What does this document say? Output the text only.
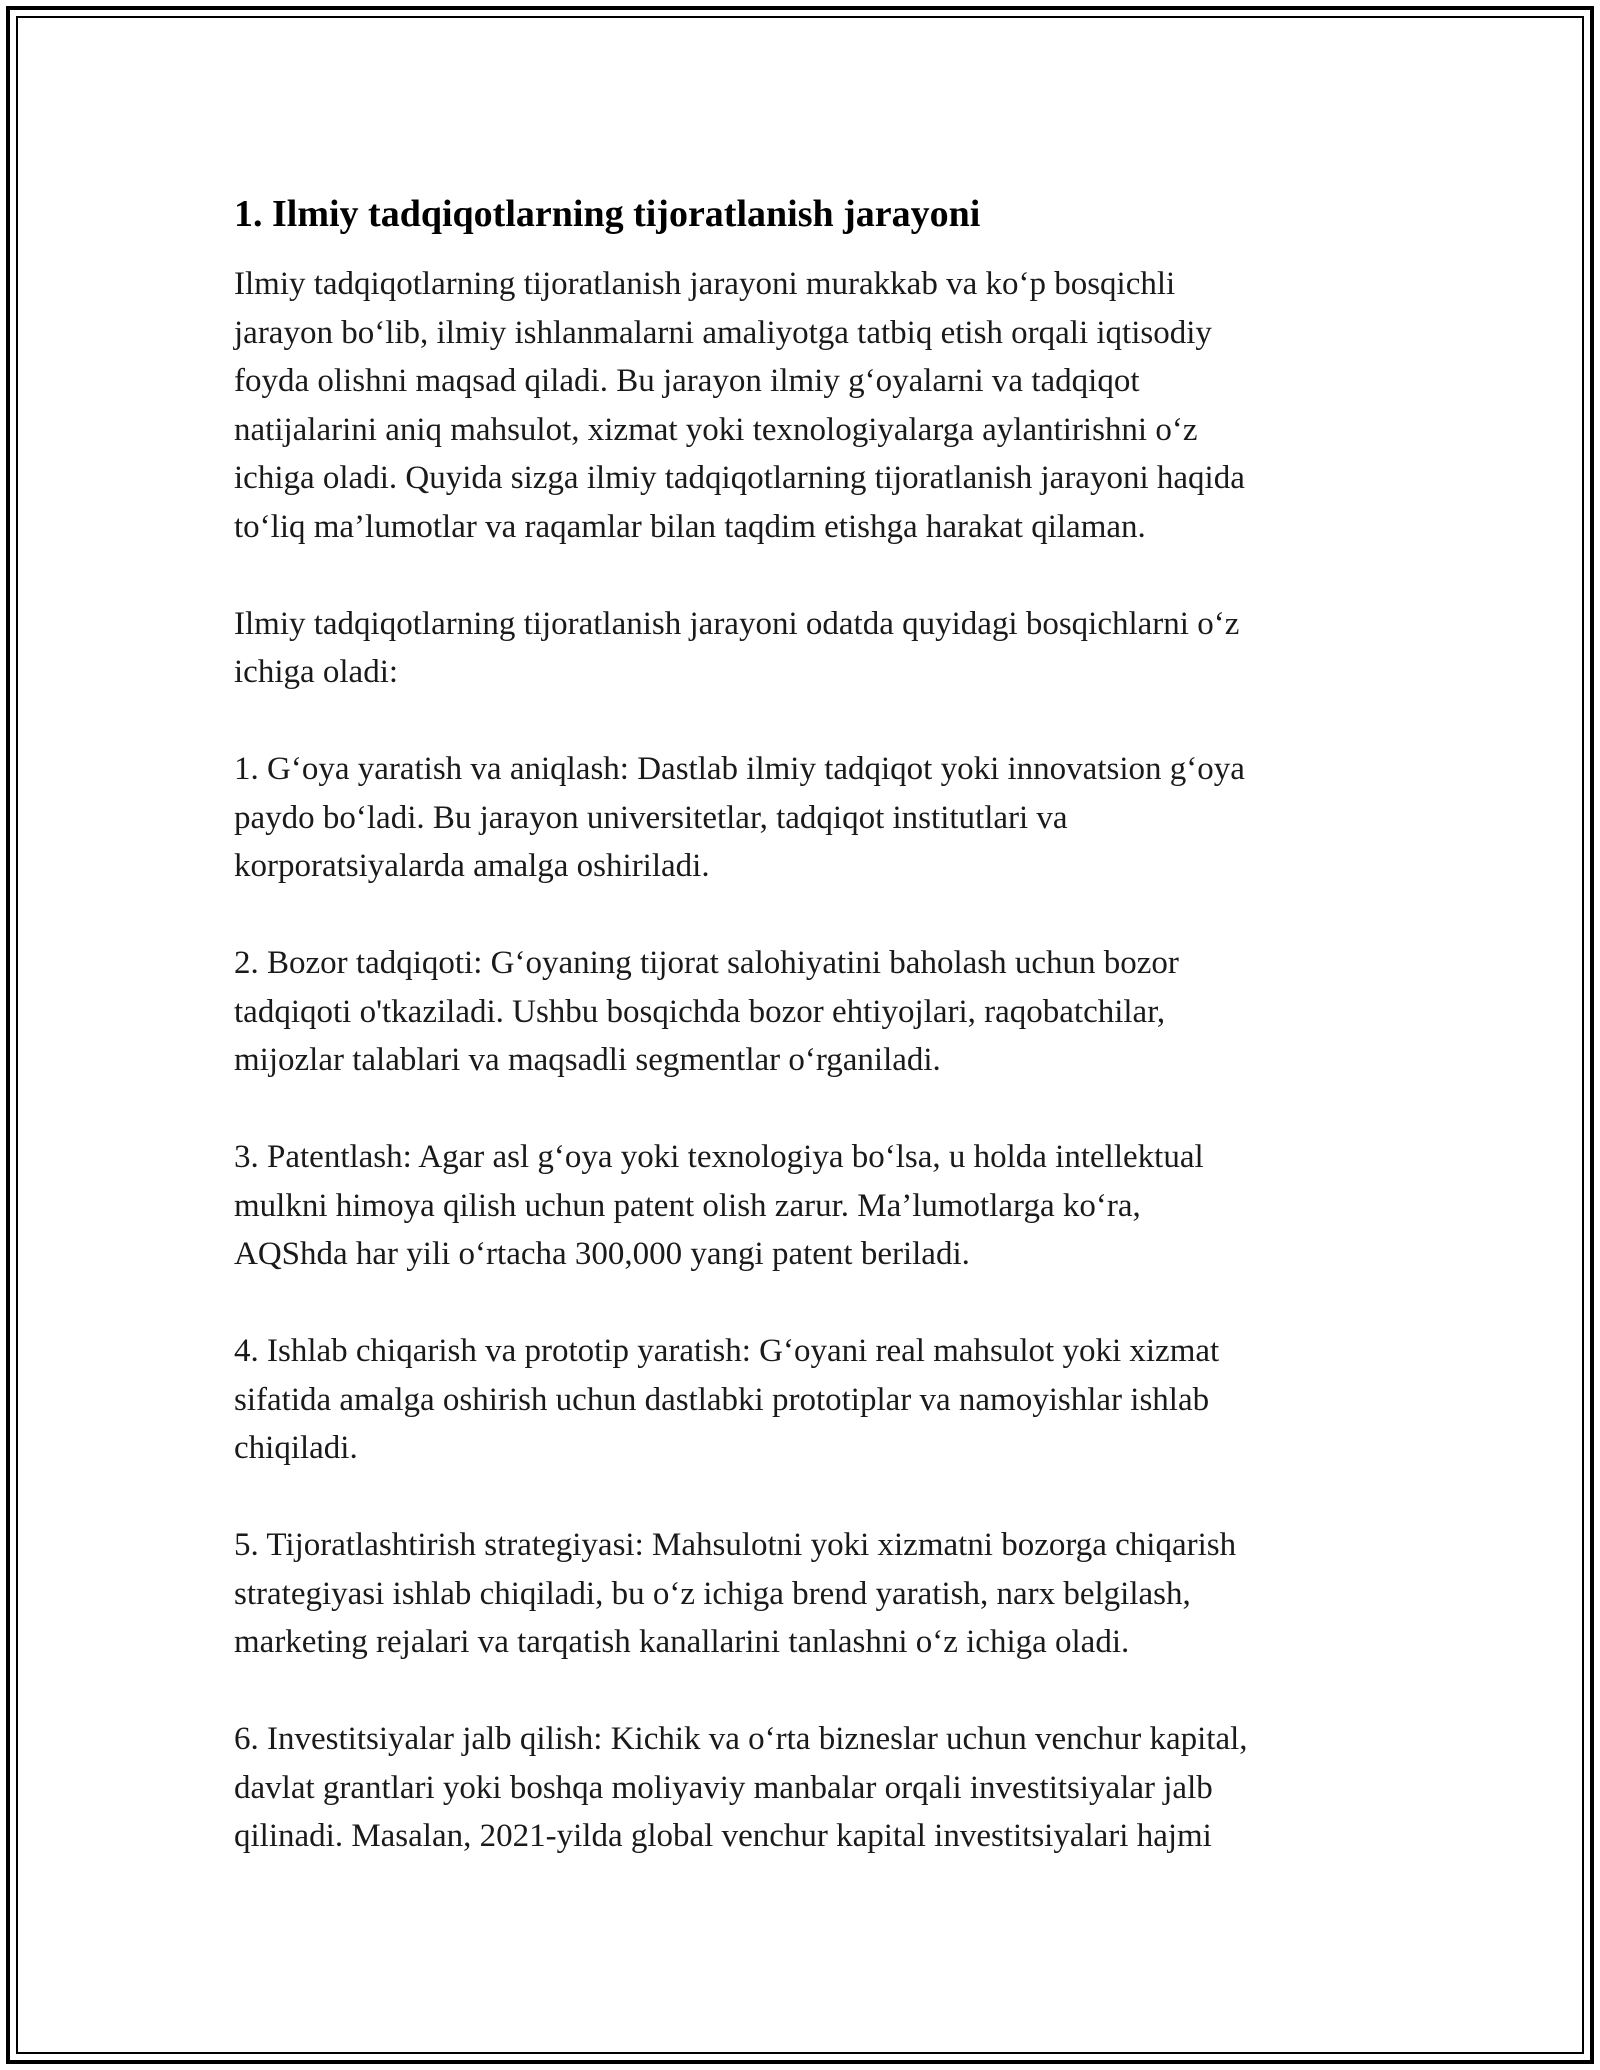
1. Ilmiy tadqiqotlarning tijoratlanish jarayoni

Ilmiy tadqiqotlarning tijoratlanish jarayoni murakkab va ko‘p bosqichli
jarayon bo‘lib, ilmiy ishlanmalarni amaliyotga tatbiq etish orqali iqtisodiy
foyda olishni maqsad qiladi. Bu jarayon ilmiy g‘oyalarni va tadqiqot
natijalarini aniq mahsulot, xizmat yoki texnologiyalarga aylantirishni o‘z
ichiga oladi. Quyida sizga ilmiy tadqiqotlarning tijoratlanish jarayoni haqida
to‘liq ma’lumotlar va raqamlar bilan taqdim etishga harakat qilaman.

Ilmiy tadqiqotlarning tijoratlanish jarayoni odatda quyidagi bosqichlarni o‘z
ichiga oladi:

1. G‘oya yaratish va aniqlash: Dastlab ilmiy tadqiqot yoki innovatsion g‘oya
paydo bo‘ladi. Bu jarayon universitetlar, tadqiqot institutlari va
korporatsiyalarda amalga oshiriladi.

2. Bozor tadqiqoti: G‘oyaning tijorat salohiyatini baholash uchun bozor
tadqiqoti o'tkaziladi. Ushbu bosqichda bozor ehtiyojlari, raqobatchilar,
mijozlar talablari va maqsadli segmentlar o‘rganiladi.

3. Patentlash: Agar asl g‘oya yoki texnologiya bo‘lsa, u holda intellektual
mulkni himoya qilish uchun patent olish zarur. Ma’lumotlarga ko‘ra,
AQShda har yili o‘rtacha 300,000 yangi patent beriladi.

4. Ishlab chiqarish va prototip yaratish: G‘oyani real mahsulot yoki xizmat
sifatida amalga oshirish uchun dastlabki prototiplar va namoyishlar ishlab
chiqiladi.

5. Tijoratlashtirish strategiyasi: Mahsulotni yoki xizmatni bozorga chiqarish
strategiyasi ishlab chiqiladi, bu o‘z ichiga brend yaratish, narx belgilash,
marketing rejalari va tarqatish kanallarini tanlashni o‘z ichiga oladi.

6. Investitsiyalar jalb qilish: Kichik va o‘rta bizneslar uchun venchur kapital,
davlat grantlari yoki boshqa moliyaviy manbalar orqali investitsiyalar jalb
qilinadi. Masalan, 2021-yilda global venchur kapital investitsiyalari hajmi
